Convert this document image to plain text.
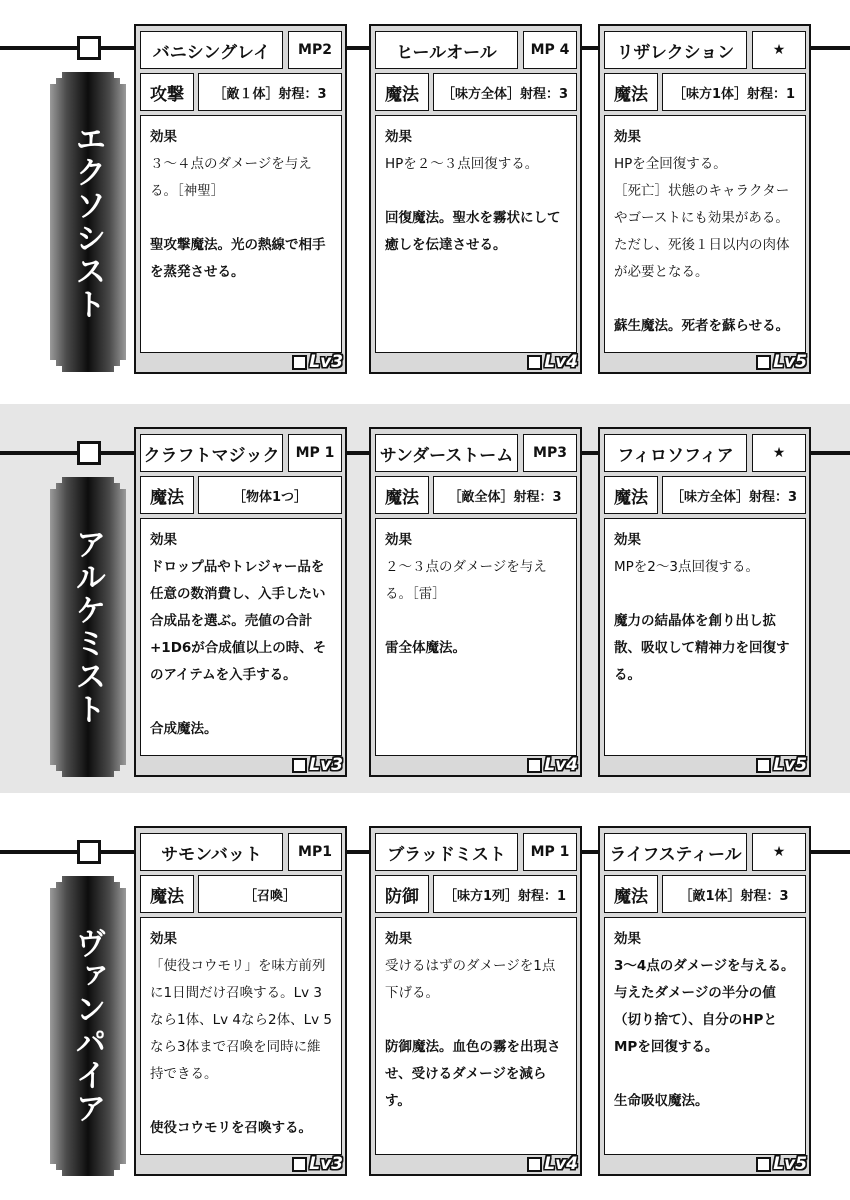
エクソシスト
バニシングレイ	MP2
攻撃	［敵１体］射程：3
効果
３～４点のダメージを与える。［神聖］
聖攻撃魔法。光の熱線で相手を蒸発させる。
Lv3
ヒールオール	MP 4
魔法	［味方全体］射程：3
効果
HPを２～３点回復する。
回復魔法。聖水を霧状にして癒しを伝達させる。
Lv4
リザレクション	★
魔法	［味方1体］射程：1
効果
HPを全回復する。
［死亡］状態のキャラクターやゴーストにも効果がある。ただし、死後１日以内の肉体が必要となる。
蘇生魔法。死者を蘇らせる。
Lv5
アルケミスト
クラフトマジック	MP 1
魔法	［物体1つ］
効果
ドロップ品やトレジャー品を任意の数消費し、入手したい合成品を選ぶ。売値の合計+1D6が合成値以上の時、そのアイテムを入手する。
合成魔法。
Lv3
サンダーストーム	MP3
魔法	［敵全体］射程：3
効果
２～３点のダメージを与える。［雷］
雷全体魔法。
Lv4
フィロソフィア	★
魔法	［味方全体］射程：3
効果
MPを2～3点回復する。
魔力の結晶体を創り出し拡散、吸収して精神力を回復する。
Lv5
ヴァンパイア
サモンバット	MP1
魔法	［召喚］
効果
「使役コウモリ」を味方前列に1日間だけ召喚する。Lv 3なら1体、Lv 4なら2体、Lv 5なら3体まで召喚を同時に維持できる。
使役コウモリを召喚する。
Lv3
ブラッドミスト	MP 1
防御	［味方1列］射程：1
効果
受けるはずのダメージを1点下げる。
防御魔法。血色の霧を出現させ、受けるダメージを減らす。
Lv4
ライフスティール	★
魔法	［敵1体］射程：3
効果
3～4点のダメージを与える。与えたダメージの半分の値（切り捨て）、自分のHPとMPを回復する。
生命吸収魔法。
Lv5
